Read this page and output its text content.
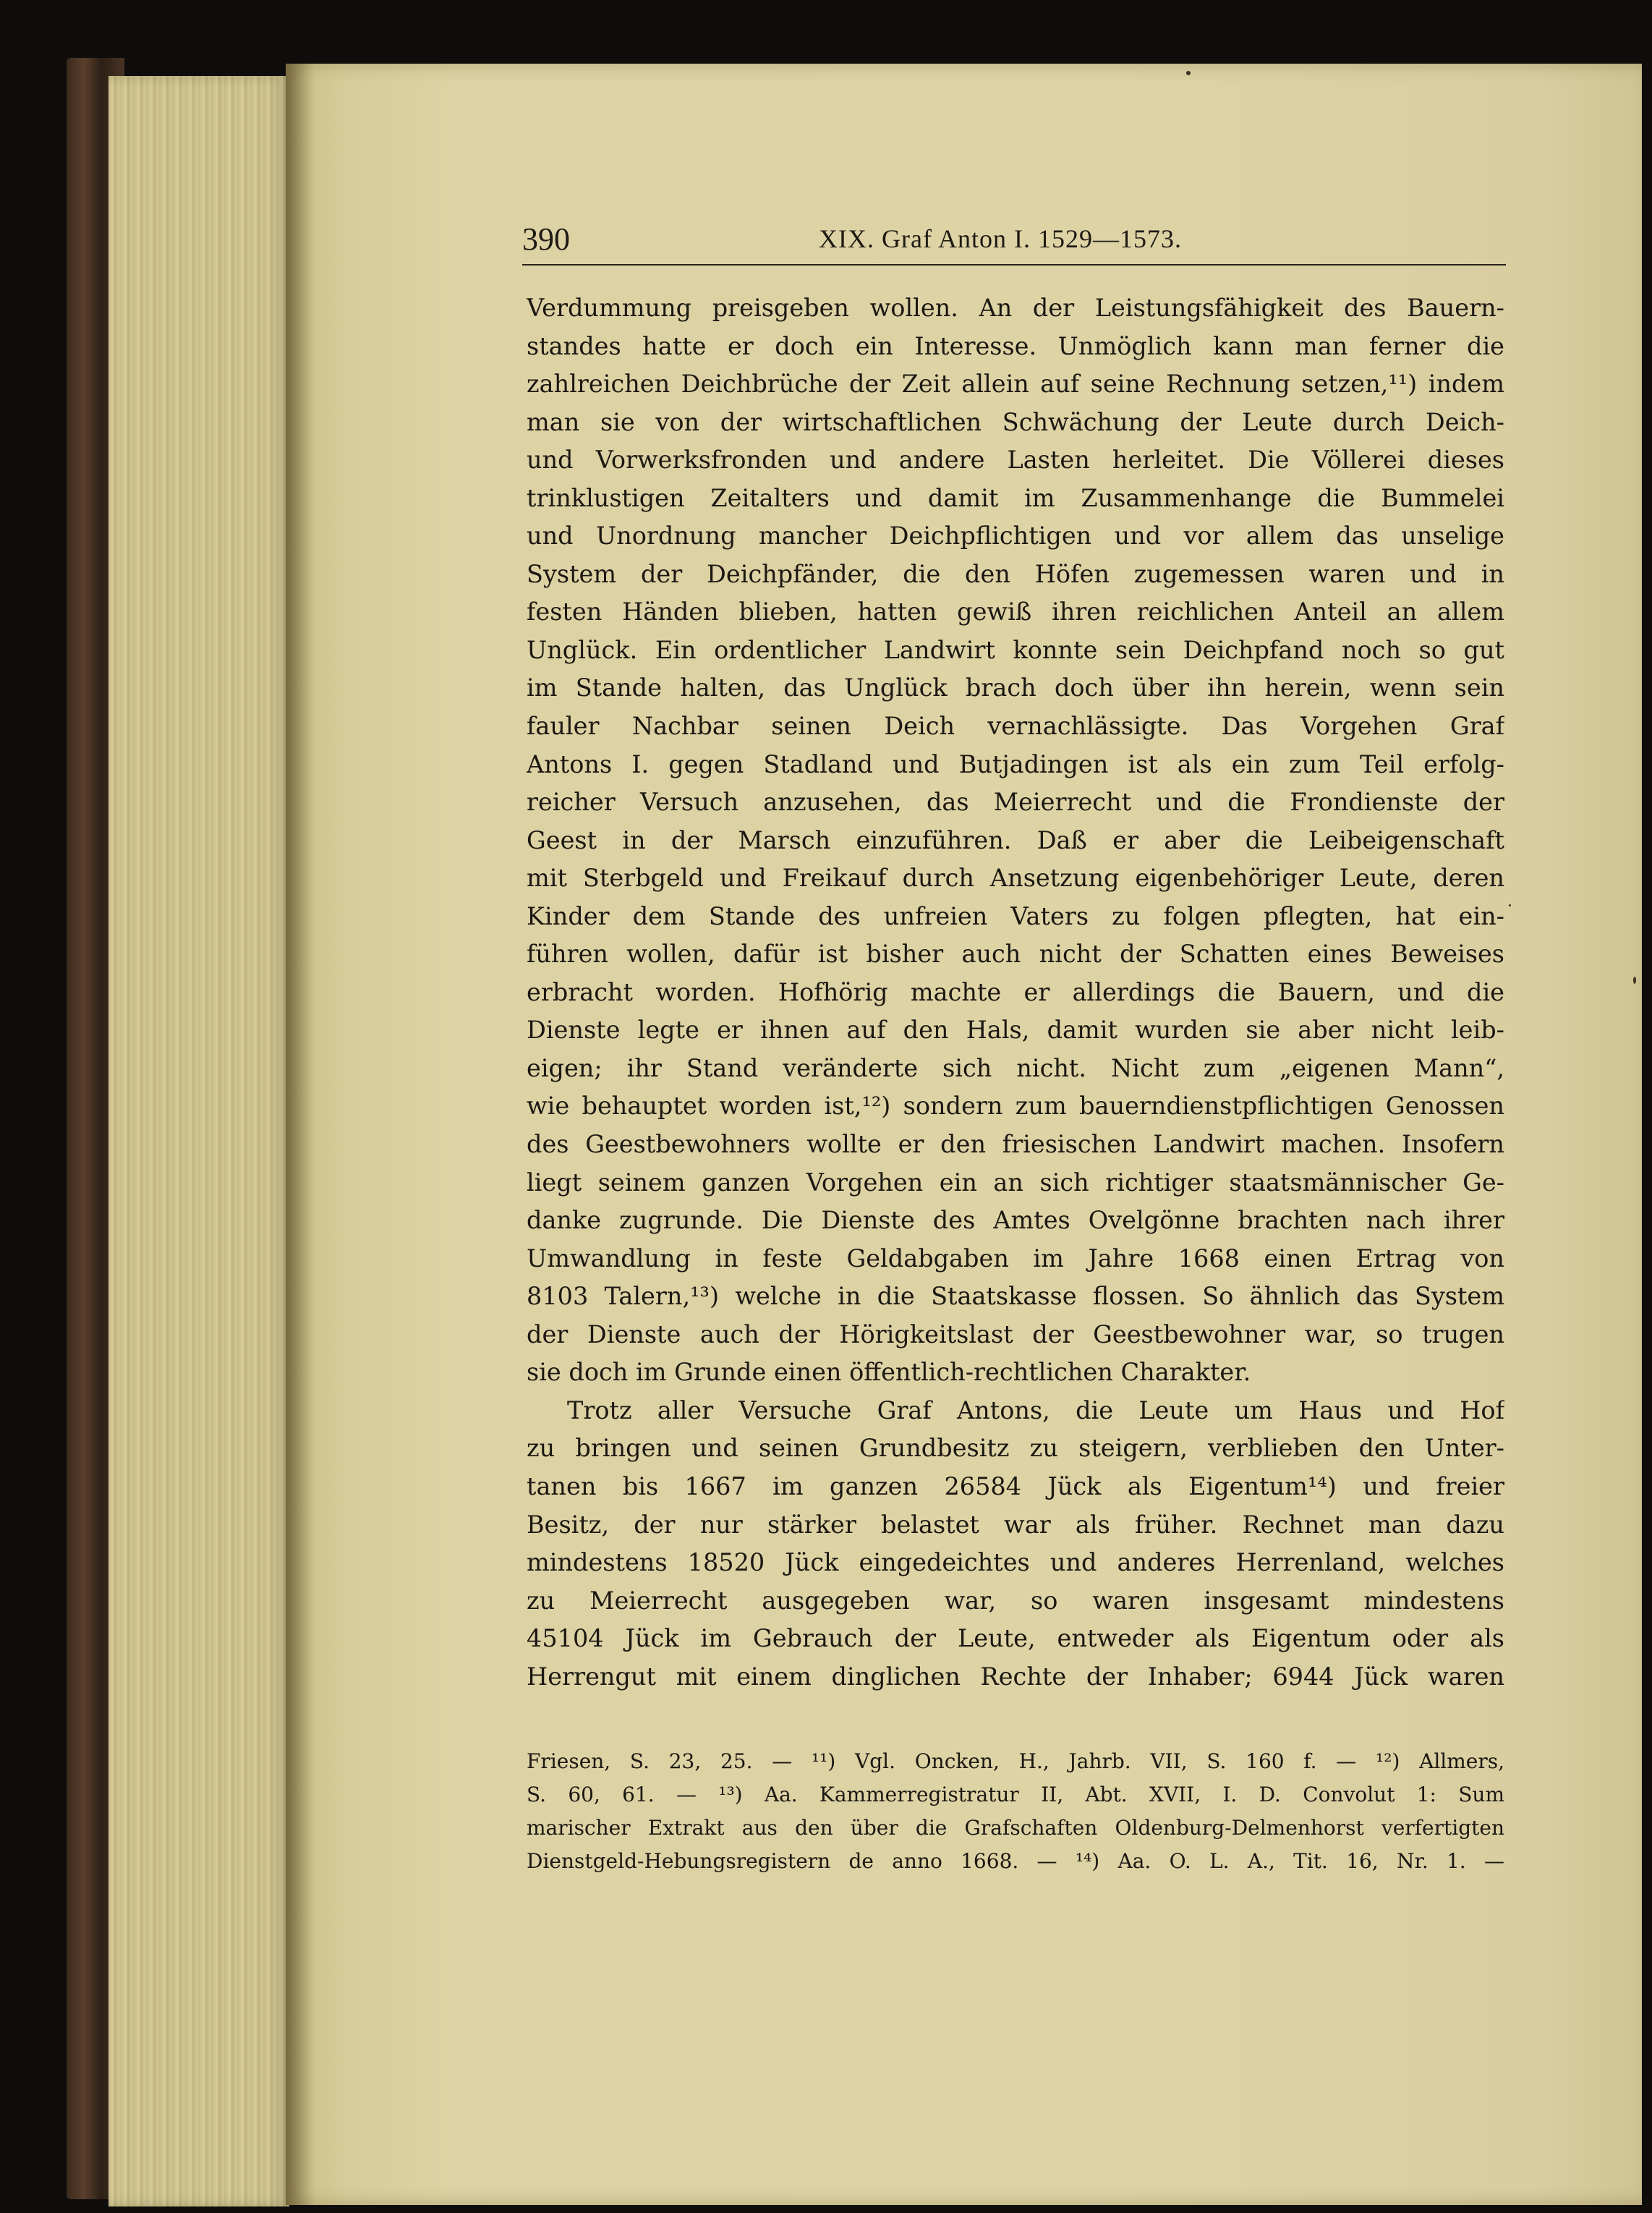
390	XIX. Graf Anton I. 1529—1573.
Verdummung preisgeben wollen. An der Leistungsfähigkeit des Bauern-
standes hatte er doch ein Interesse. Unmöglich kann man ferner die
zahlreichen Deichbrüche der Zeit allein auf seine Rechnung setzen,¹¹) indem
man sie von der wirtschaftlichen Schwächung der Leute durch Deich-
und Vorwerksfronden und andere Lasten herleitet. Die Völlerei dieses
trinklustigen Zeitalters und damit im Zusammenhange die Bummelei
und Unordnung mancher Deichpflichtigen und vor allem das unselige
System der Deichpfänder, die den Höfen zugemessen waren und in
festen Händen blieben, hatten gewiß ihren reichlichen Anteil an allem
Unglück. Ein ordentlicher Landwirt konnte sein Deichpfand noch so gut
im Stande halten, das Unglück brach doch über ihn herein, wenn sein
fauler Nachbar seinen Deich vernachlässigte. Das Vorgehen Graf
Antons I. gegen Stadland und Butjadingen ist als ein zum Teil erfolg-
reicher Versuch anzusehen, das Meierrecht und die Frondienste der
Geest in der Marsch einzuführen. Daß er aber die Leibeigenschaft
mit Sterbgeld und Freikauf durch Ansetzung eigenbehöriger Leute, deren
Kinder dem Stande des unfreien Vaters zu folgen pflegten, hat ein-
führen wollen, dafür ist bisher auch nicht der Schatten eines Beweises
erbracht worden. Hofhörig machte er allerdings die Bauern, und die
Dienste legte er ihnen auf den Hals, damit wurden sie aber nicht leib-
eigen; ihr Stand veränderte sich nicht. Nicht zum „eigenen Mann“,
wie behauptet worden ist,¹²) sondern zum bauerndienstpflichtigen Genossen
des Geestbewohners wollte er den friesischen Landwirt machen. Insofern
liegt seinem ganzen Vorgehen ein an sich richtiger staatsmännischer Ge-
danke zugrunde. Die Dienste des Amtes Ovelgönne brachten nach ihrer
Umwandlung in feste Geldabgaben im Jahre 1668 einen Ertrag von
8103 Talern,¹³) welche in die Staatskasse flossen. So ähnlich das System
der Dienste auch der Hörigkeitslast der Geestbewohner war, so trugen
sie doch im Grunde einen öffentlich-rechtlichen Charakter.
Trotz aller Versuche Graf Antons, die Leute um Haus und Hof
zu bringen und seinen Grundbesitz zu steigern, verblieben den Unter-
tanen bis 1667 im ganzen 26584 Jück als Eigentum¹⁴) und freier
Besitz, der nur stärker belastet war als früher. Rechnet man dazu
mindestens 18520 Jück eingedeichtes und anderes Herrenland, welches
zu Meierrecht ausgegeben war, so waren insgesamt mindestens
45104 Jück im Gebrauch der Leute, entweder als Eigentum oder als
Herrengut mit einem dinglichen Rechte der Inhaber; 6944 Jück waren
Friesen, S. 23, 25. — ¹¹) Vgl. Oncken, H., Jahrb. VII, S. 160 f. — ¹²) Allmers,
S. 60, 61. — ¹³) Aa. Kammerregistratur II, Abt. XVII, I. D. Convolut 1: Sum
marischer Extrakt aus den über die Grafschaften Oldenburg-Delmenhorst verfertigten
Dienstgeld-Hebungsregistern de anno 1668. — ¹⁴) Aa. O. L. A., Tit. 16, Nr. 1. —
